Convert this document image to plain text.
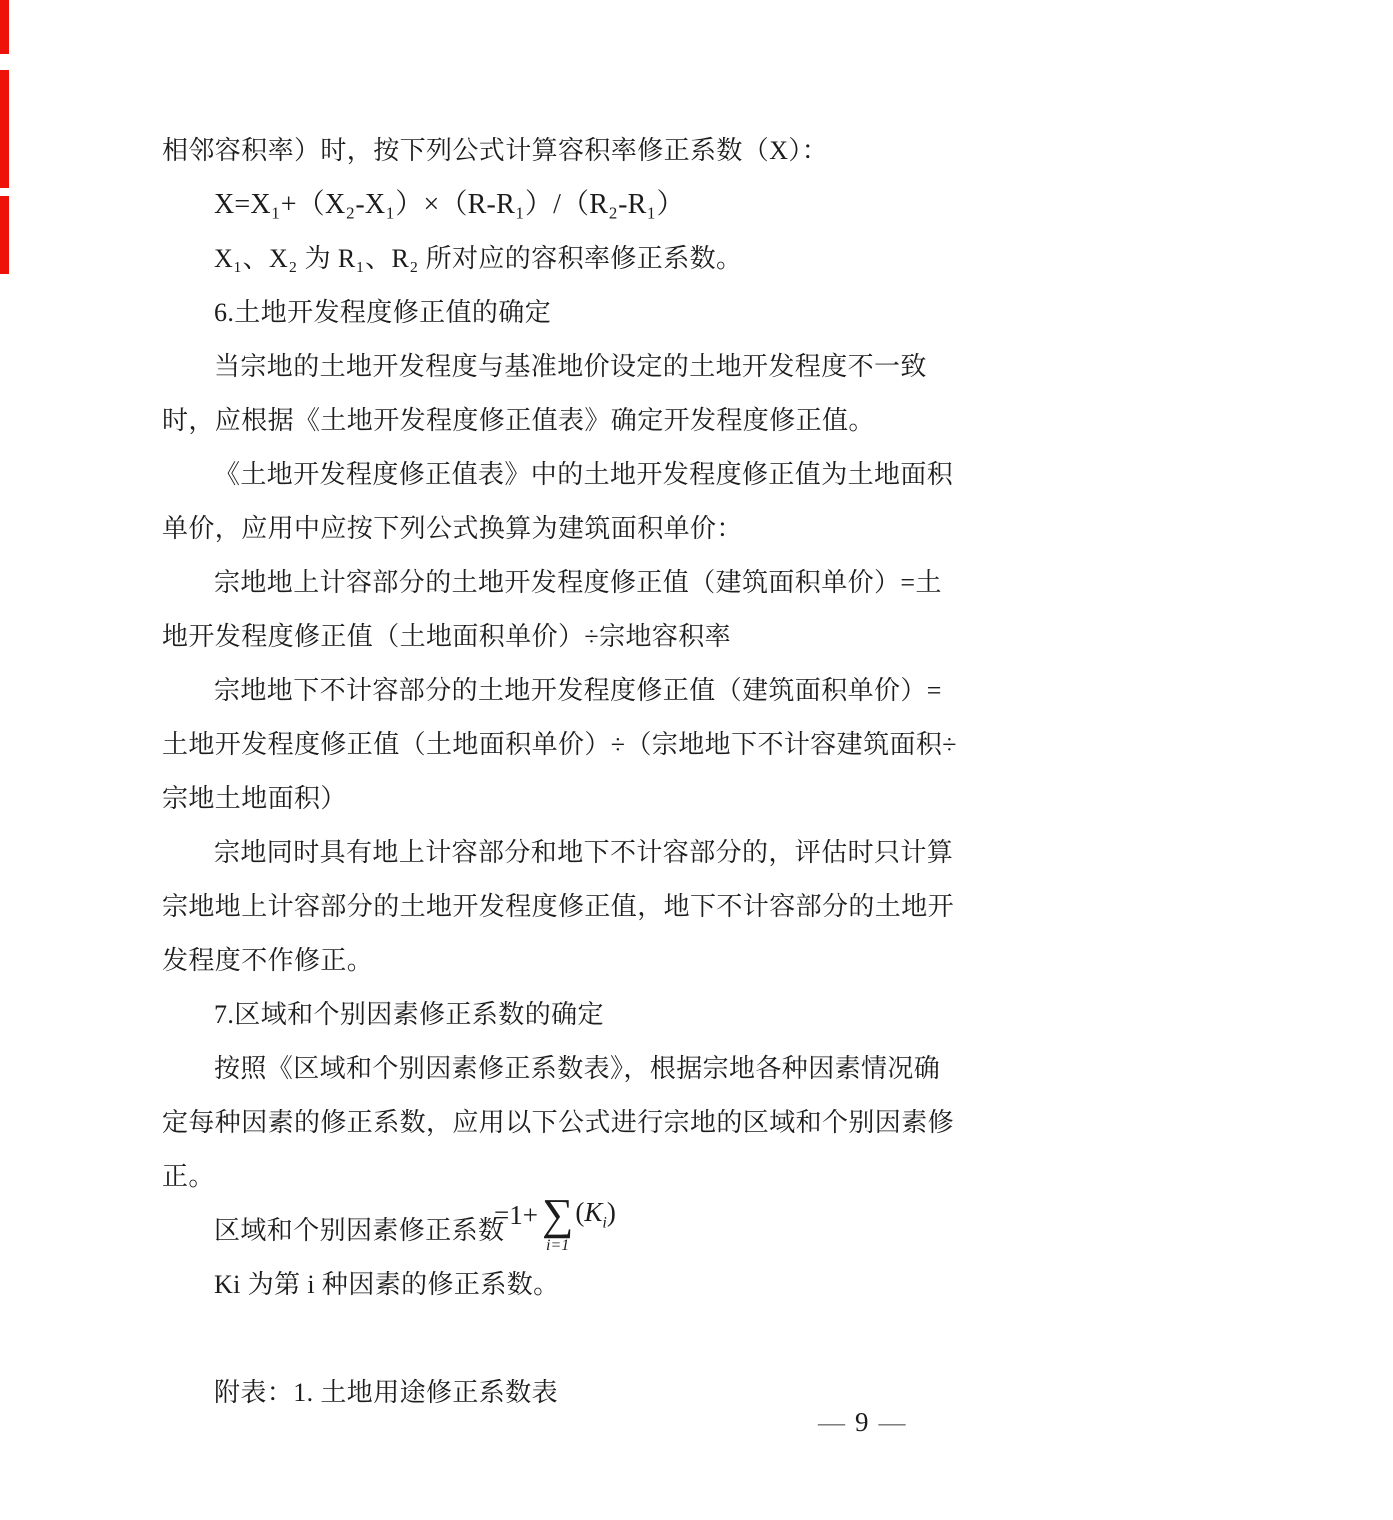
相邻容积率）时，按下列公式计算容积率修正系数（X）：
X=X₁+（X₂-X₁）×（R-R₁）/（R₂-R₁）
X₁、X₂ 为 R₁、R₂ 所对应的容积率修正系数。
6.土地开发程度修正值的确定
当宗地的土地开发程度与基准地价设定的土地开发程度不一致
时，应根据《土地开发程度修正值表》确定开发程度修正值。
《土地开发程度修正值表》中的土地开发程度修正值为土地面积
单价，应用中应按下列公式换算为建筑面积单价：
宗地地上计容部分的土地开发程度修正值（建筑面积单价）=土
地开发程度修正值（土地面积单价）÷宗地容积率
宗地地下不计容部分的土地开发程度修正值（建筑面积单价）=
土地开发程度修正值（土地面积单价）÷（宗地地下不计容建筑面积÷
宗地土地面积）
宗地同时具有地上计容部分和地下不计容部分的，评估时只计算
宗地地上计容部分的土地开发程度修正值，地下不计容部分的土地开
发程度不作修正。
7.区域和个别因素修正系数的确定
按照《区域和个别因素修正系数表》，根据宗地各种因素情况确
定每种因素的修正系数，应用以下公式进行宗地的区域和个别因素修
正。
区域和个别因素修正系数
=1+ ∑
i=1
$(K_i)$
Ki 为第 i 种因素的修正系数。
附表：1. 土地用途修正系数表
— 9 —
